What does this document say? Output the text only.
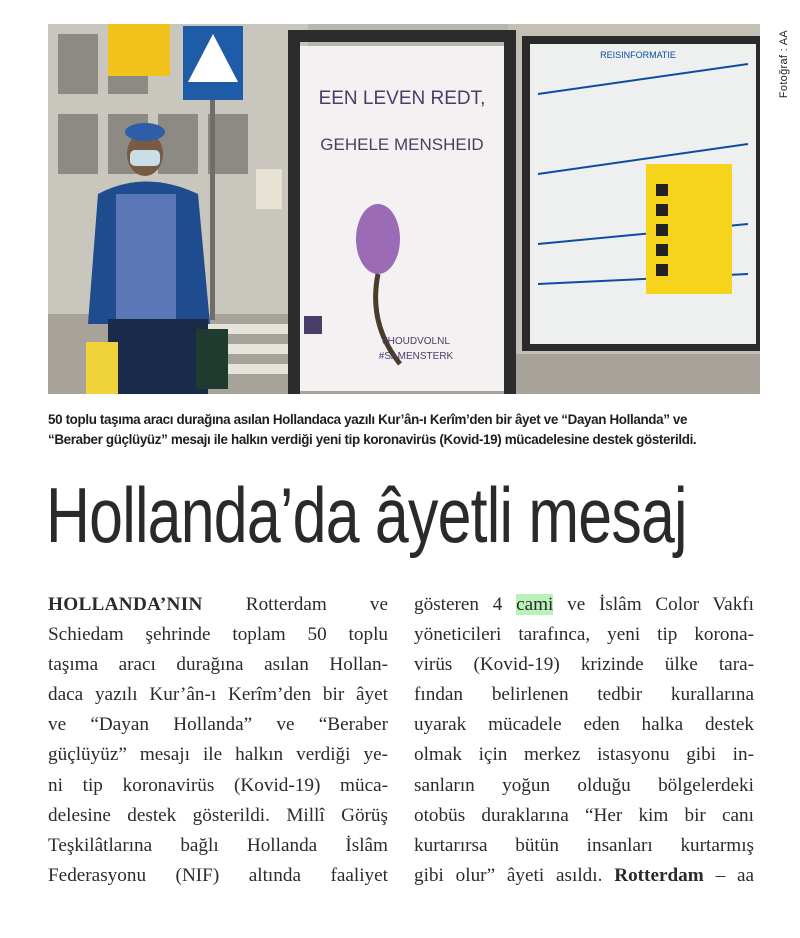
EEN LEVEN REDT,
GEHELE MENSHEID
#HOUDVOLNL
#SAMENSTERK
REISINFORMATIE	Fotoğraf : AA

50 toplu taşıma aracı durağına asılan Hollandaca yazılı Kur’ân-ı Kerîm’den bir âyet ve “Dayan Hollanda” ve

“Beraber güçlüyüz” mesajı ile halkın verdiği yeni tip koronavirüs (Kovid-19) mücadelesine destek gösterildi.

Hollanda’da âyetli mesaj
HOLLANDA’NIN Rotterdam ve
Schiedam şehrinde toplam 50 toplu
taşıma aracı durağına asılan Hollan-
daca yazılı Kur’ân-ı Kerîm’den bir âyet
ve “Dayan Hollanda” ve “Beraber
güçlüyüz” mesajı ile halkın verdiği ye-
ni tip koronavirüs (Kovid-19) müca-
delesine destek gösterildi. Millî Görüş
Teşkilâtlarına bağlı Hollanda İslâm
Federasyonu (NIF) altında faaliyet
gösteren 4 cami ve İslâm Color Vakfı
yöneticileri tarafınca, yeni tip korona-
virüs (Kovid-19) krizinde ülke tara-
fından belirlenen tedbir kurallarına
uyarak mücadele eden halka destek
olmak için merkez istasyonu gibi in-
sanların yoğun olduğu bölgelerdeki
otobüs duraklarına “Her kim bir canı
kurtarırsa bütün insanları kurtarmış
gibi olur” âyeti asıldı. Rotterdam – aa
